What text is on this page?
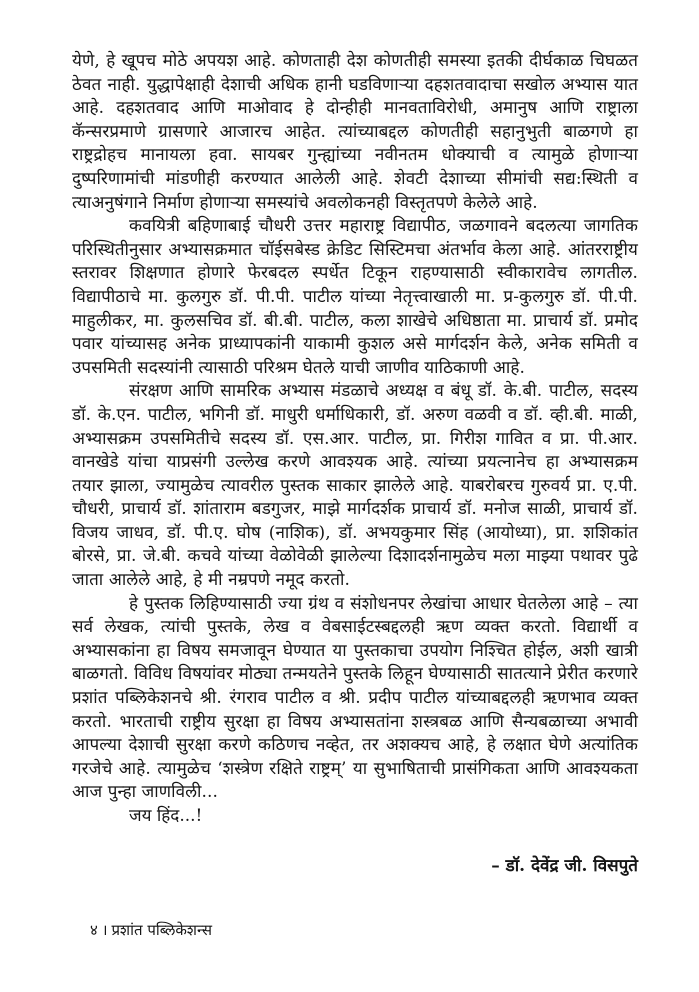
येणे, हे खूपच मोठे अपयश आहे. कोणताही देश कोणतीही समस्या इतकी दीर्घकाळ चिघळत ठेवत नाही. युद्धापेक्षाही देशाची अधिक हानी घडविणाऱ्या दहशतवादाचा सखोल अभ्यास यात आहे. दहशतवाद आणि माओवाद हे दोन्हीही मानवताविरोधी, अमानुष आणि राष्ट्राला कॅन्सरप्रमाणे ग्रासणारे आजारच आहेत. त्यांच्याबद्दल कोणतीही सहानुभुती बाळगणे हा राष्ट्रद्रोहच मानायला हवा. सायबर गुन्ह्यांच्या नवीनतम धोक्याची व त्यामुळे होणाऱ्या दुष्परिणामांची मांडणीही करण्यात आलेली आहे. शेवटी देशाच्या सीमांची सद्य:स्थिती व त्याअनुषंगाने निर्माण होणाऱ्या समस्यांचे अवलोकनही विस्तृतपणे केलेले आहे.

कवयित्री बहिणाबाई चौधरी उत्तर महाराष्ट्र विद्यापीठ, जळगावने बदलत्या जागतिक परिस्थितीनुसार अभ्यासक्रमात चॉईसबेस्ड क्रेडिट सिस्टिमचा अंतर्भाव केला आहे. आंतरराष्ट्रीय स्तरावर शिक्षणात होणारे फेरबदल स्पर्धेत टिकून राहण्यासाठी स्वीकारावेच लागतील. विद्यापीठाचे मा. कुलगुरु डॉ. पी.पी. पाटील यांच्या नेतृत्त्वाखाली मा. प्र-कुलगुरु डॉ. पी.पी. माहुलीकर, मा. कुलसचिव डॉ. बी.बी. पाटील, कला शाखेचे अधिष्ठाता मा. प्राचार्य डॉ. प्रमोद पवार यांच्यासह अनेक प्राध्यापकांनी याकामी कुशल असे मार्गदर्शन केले, अनेक समिती व उपसमिती सदस्यांनी त्यासाठी परिश्रम घेतले याची जाणीव याठिकाणी आहे.

संरक्षण आणि सामरिक अभ्यास मंडळाचे अध्यक्ष व बंधू डॉ. के.बी. पाटील, सदस्य डॉ. के.एन. पाटील, भगिनी डॉ. माधुरी धर्माधिकारी, डॉ. अरुण वळवी व डॉ. व्ही.बी. माळी, अभ्यासक्रम उपसमितीचे सदस्य डॉ. एस.आर. पाटील, प्रा. गिरीश गावित व प्रा. पी.आर. वानखेडे यांचा याप्रसंगी उल्लेख करणे आवश्यक आहे. त्यांच्या प्रयत्नानेच हा अभ्यासक्रम तयार झाला, ज्यामुळेच त्यावरील पुस्तक साकार झालेले आहे. याबरोबरच गुरुवर्य प्रा. ए.पी. चौधरी, प्राचार्य डॉ. शांताराम बडगुजर, माझे मार्गदर्शक प्राचार्य डॉ. मनोज साळी, प्राचार्य डॉ. विजय जाधव, डॉ. पी.ए. घोष (नाशिक), डॉ. अभयकुमार सिंह (आयोध्या), प्रा. शशिकांत बोरसे, प्रा. जे.बी. कचवे यांच्या वेळोवेळी झालेल्या दिशादर्शनामुळेच मला माझ्या पथावर पुढे जाता आलेले आहे, हे मी नम्रपणे नमूद करतो.

हे पुस्तक लिहिण्यासाठी ज्या ग्रंथ व संशोधनपर लेखांचा आधार घेतलेला आहे – त्या सर्व लेखक, त्यांची पुस्तके, लेख व वेबसाईटस्बद्दलही ऋण व्यक्त करतो. विद्यार्थी व अभ्यासकांना हा विषय समजावून घेण्यात या पुस्तकाचा उपयोग निश्चित होईल, अशी खात्री बाळगतो. विविध विषयांवर मोठ्या तन्मयतेने पुस्तके लिहून घेण्यासाठी सातत्याने प्रेरीत करणारे प्रशांत पब्लिकेशनचे श्री. रंगराव पाटील व श्री. प्रदीप पाटील यांच्याबद्दलही ऋणभाव व्यक्त करतो. भारताची राष्ट्रीय सुरक्षा हा विषय अभ्यासतांना शस्त्रबळ आणि सैन्यबळाच्या अभावी आपल्या देशाची सुरक्षा करणे कठिणच नव्हेत, तर अशक्यच आहे, हे लक्षात घेणे अत्यांतिक गरजेचे आहे. त्यामुळेच ‘शस्त्रेण रक्षिते राष्ट्रम्’ या सुभाषिताची प्रासंगिकता आणि आवश्यकता आज पुन्हा जाणविली...

जय हिंद...!

– डॉ. देवेंद्र जी. विसपुते

४ । प्रशांत पब्लिकेशन्स
